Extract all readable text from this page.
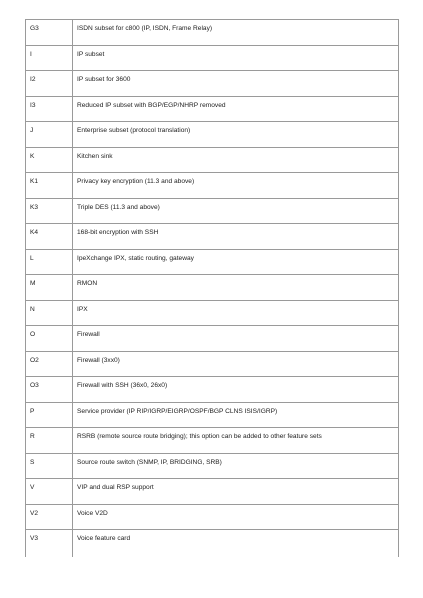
G3	ISDN subset for c800 (IP, ISDN, Frame Relay)
I	IP subset
I2	IP subset for 3600
I3	Reduced IP subset with BGP/EGP/NHRP removed
J	Enterprise subset (protocol translation)
K	Kitchen sink
K1	Privacy key encryption (11.3 and above)
K3	Triple DES (11.3 and above)
K4	168-bit encryption with SSH
L	IpeXchange IPX, static routing, gateway
M	RMON
N	IPX
O	Firewall
O2	Firewall (3xx0)
O3	Firewall with SSH (36x0, 26x0)
P	Service provider (IP RIP/IGRP/EIGRP/OSPF/BGP CLNS ISIS/IGRP)
R	RSRB (remote source route bridging); this option can be added to other feature sets
S	Source route switch (SNMP, IP, BRIDGING, SRB)
V	VIP and dual RSP support
V2	Voice V2D
V3	Voice feature card
